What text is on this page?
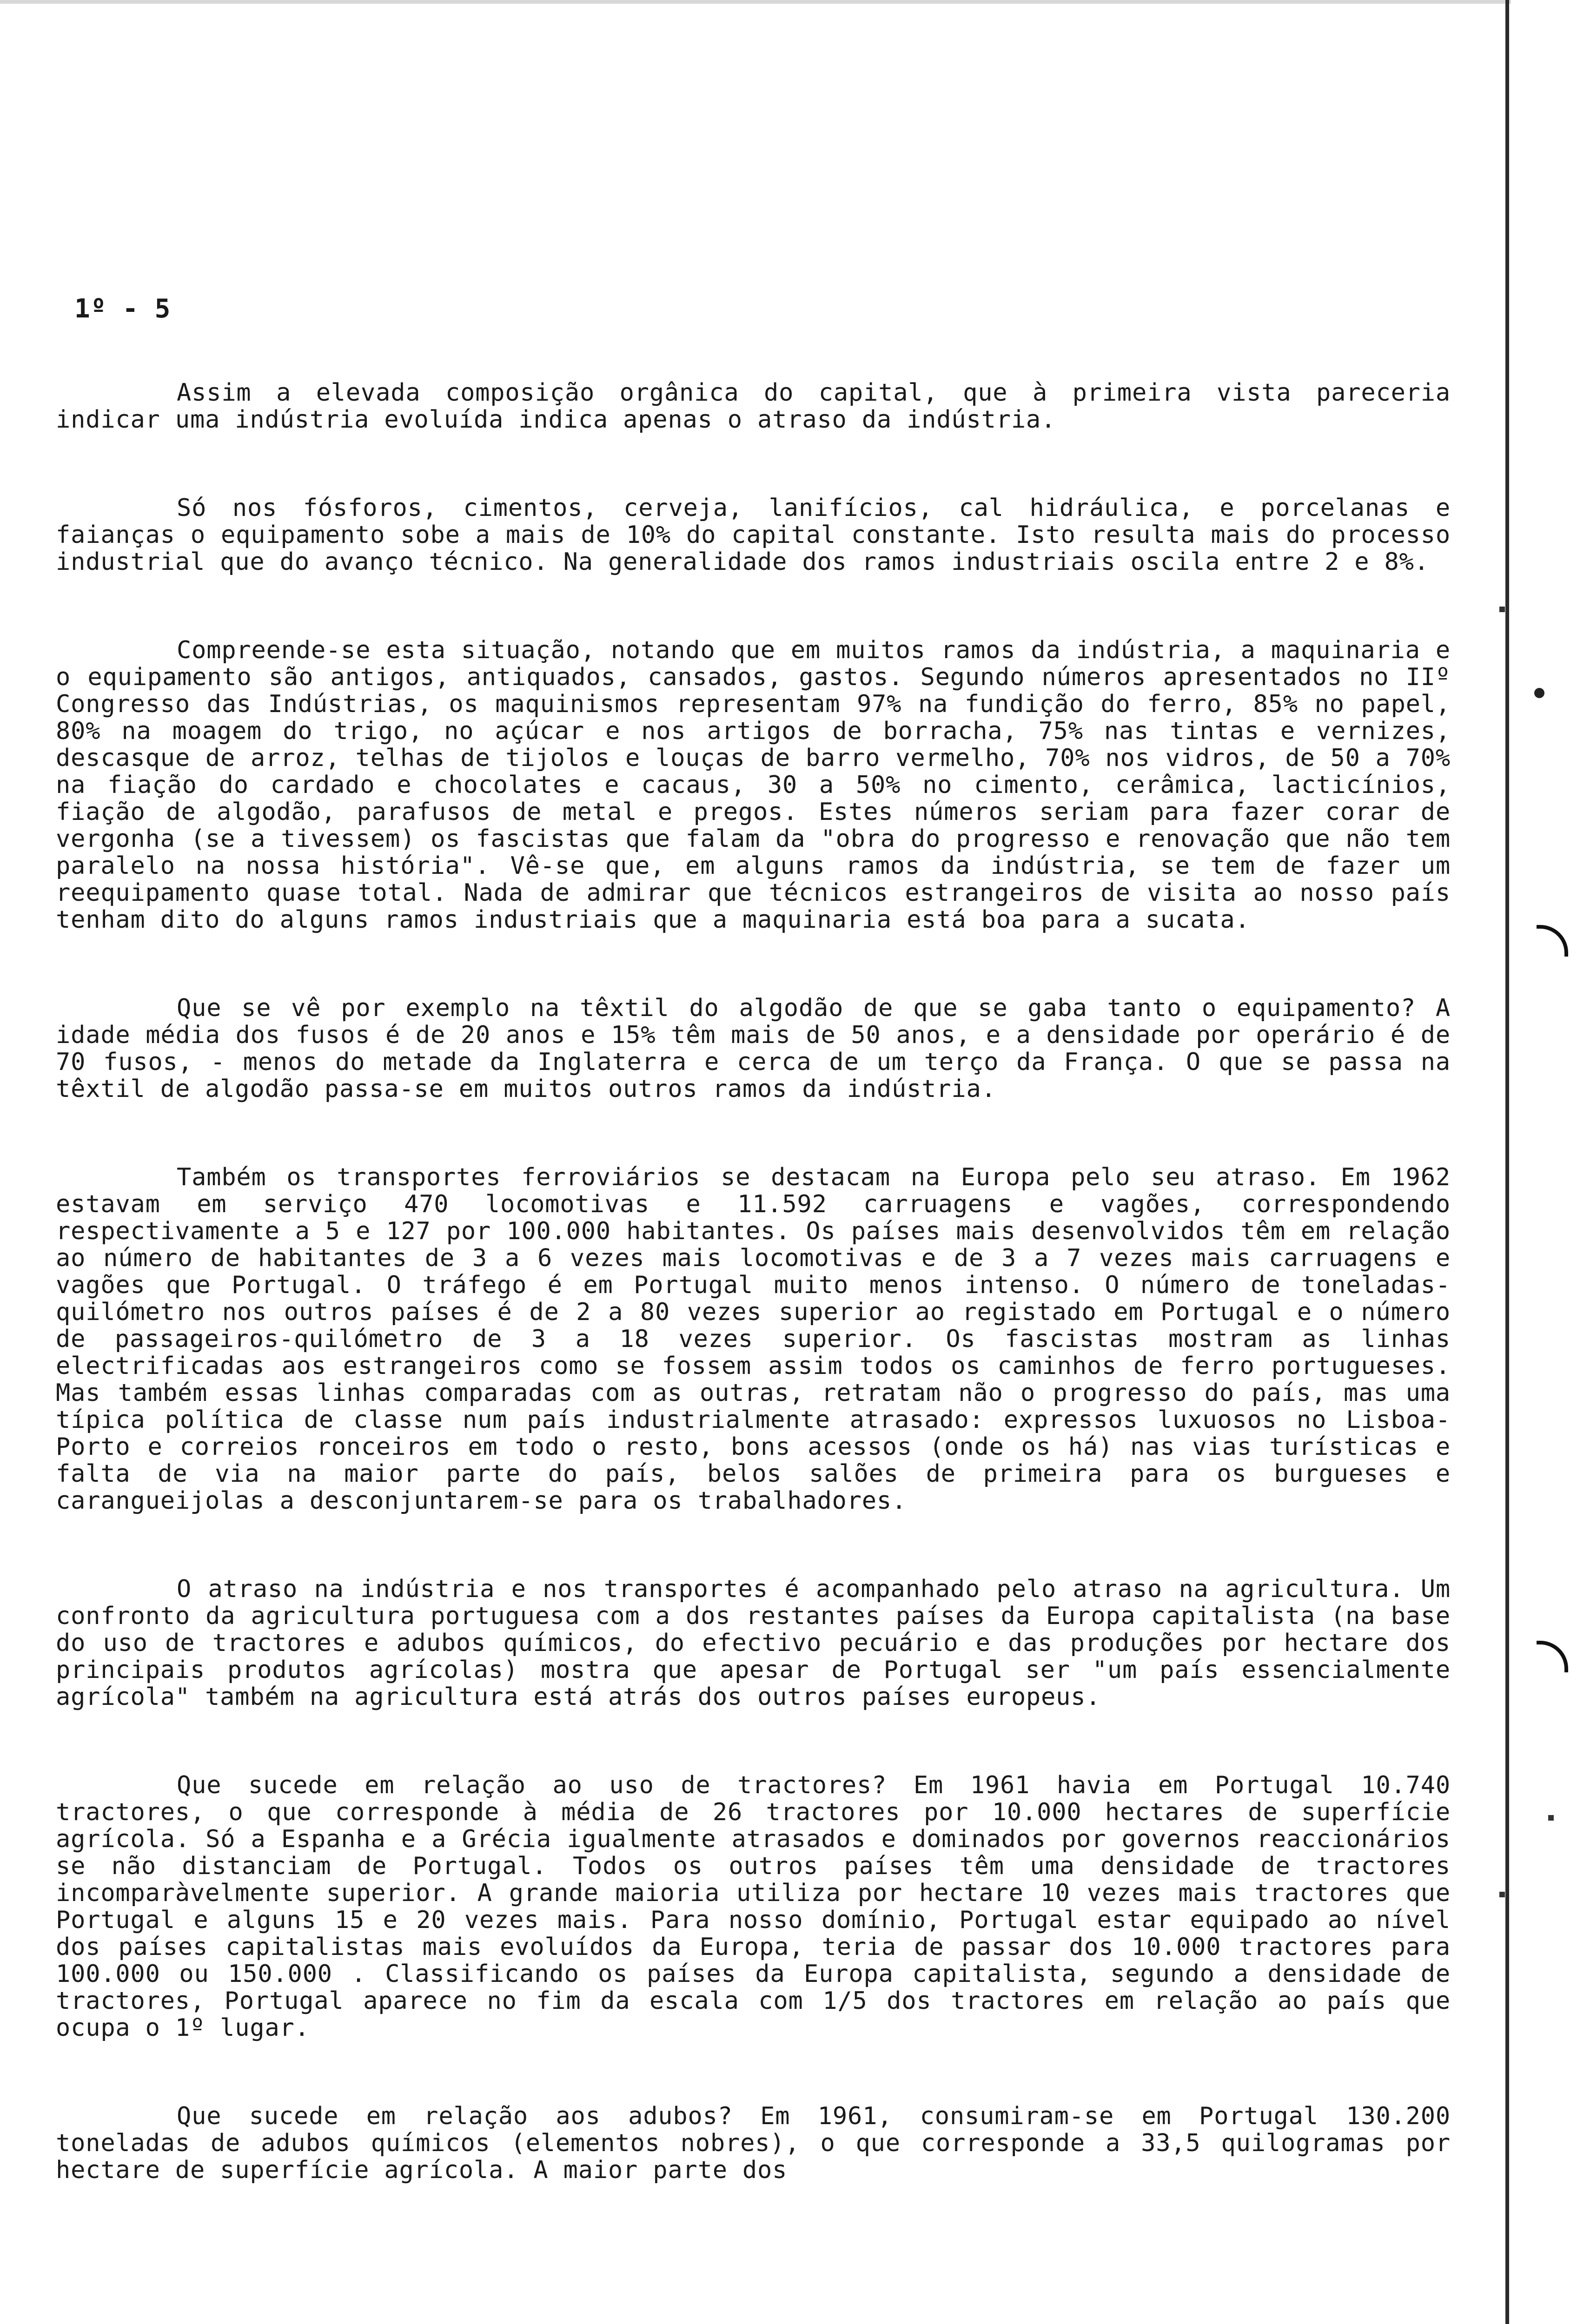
1º - 5

Assim a elevada composição orgânica do capital, que à primeira vista pareceria indicar uma indústria evoluída indica apenas o atraso da indústria.

Só nos fósforos, cimentos, cerveja, lanifícios, cal hidráulica, e porcelanas e faianças o equipamento sobe a mais de 10% do capital constante. Isto resulta mais do processo industrial que do avanço técnico. Na generalidade dos ramos industriais oscila entre 2 e 8%.

Compreende-se esta situação, notando que em muitos ramos da indústria, a maquinaria e o equipamento são antigos, antiquados, cansados, gastos. Segundo números apresentados no IIº Congresso das Indústrias, os maquinismos representam 97% na fundição do ferro, 85% no papel, 80% na moagem do trigo, no açúcar e nos artigos de borracha, 75% nas tintas e vernizes, descasque de arroz, telhas de tijolos e louças de barro vermelho, 70% nos vidros, de 50 a 70% na fiação do cardado e chocolates e cacaus, 30 a 50% no cimento, cerâmica, lacticínios, fiação de algodão, parafusos de metal e pregos. Estes números seriam para fazer corar de vergonha (se a tivessem) os fascistas que falam da "obra do progresso e renovação que não tem paralelo na nossa história". Vê-se que, em alguns ramos da indústria, se tem de fazer um reequipamento quase total. Nada de admirar que técnicos estrangeiros de visita ao nosso país tenham dito do alguns ramos industriais que a maquinaria está boa para a sucata.

Que se vê por exemplo na têxtil do algodão de que se gaba tanto o equipamento? A idade média dos fusos é de 20 anos e 15% têm mais de 50 anos, e a densidade por operário é de 70 fusos, - menos do metade da Inglaterra e cerca de um terço da França. O que se passa na têxtil de algodão passa-se em muitos outros ramos da indústria.

Também os transportes ferroviários se destacam na Europa pelo seu atraso. Em 1962 estavam em serviço 470 locomotivas e 11.592 carruagens e vagões, correspondendo respectivamente a 5 e 127 por 100.000 habitantes. Os países mais desenvolvidos têm em relação ao número de habitantes de 3 a 6 vezes mais locomotivas e de 3 a 7 vezes mais carruagens e vagões que Portugal. O tráfego é em Portugal muito menos intenso. O número de toneladas-quilómetro nos outros países é de 2 a 80 vezes superior ao registado em Portugal e o número de passageiros-quilómetro de 3 a 18 vezes superior. Os fascistas mostram as linhas electrificadas aos estrangeiros como se fossem assim todos os caminhos de ferro portugueses. Mas também essas linhas comparadas com as outras, retratam não o progresso do país, mas uma típica política de classe num país industrialmente atrasado: expressos luxuosos no Lisboa-Porto e correios ronceiros em todo o resto, bons acessos (onde os há) nas vias turísticas e falta de via na maior parte do país, belos salões de primeira para os burgueses e carangueijolas a desconjuntarem-se para os trabalhadores.

O atraso na indústria e nos transportes é acompanhado pelo atraso na agricultura. Um confronto da agricultura portuguesa com a dos restantes países da Europa capitalista (na base do uso de tractores e adubos químicos, do efectivo pecuário e das produções por hectare dos principais produtos agrícolas) mostra que apesar de Portugal ser "um país essencialmente agrícola" também na agricultura está atrás dos outros países europeus.

Que sucede em relação ao uso de tractores? Em 1961 havia em Portugal 10.740 tractores, o que corresponde à média de 26 tractores por 10.000 hectares de superfície agrícola. Só a Espanha e a Grécia igualmente atrasados e dominados por governos reaccionários se não distanciam de Portugal. Todos os outros países têm uma densidade de tractores incomparàvelmente superior. A grande maioria utiliza por hectare 10 vezes mais tractores que Portugal e alguns 15 e 20 vezes mais. Para nosso domínio, Portugal estar equipado ao nível dos países capitalistas mais evoluídos da Europa, teria de passar dos 10.000 tractores para 100.000 ou 150.000 . Classificando os países da Europa capitalista, segundo a densidade de tractores, Portugal aparece no fim da escala com 1/5 dos tractores em relação ao país que ocupa o 1º lugar.

Que sucede em relação aos adubos? Em 1961, consumiram-se em Portugal 130.200 toneladas de adubos químicos (elementos nobres), o que corresponde a 33,5 quilogramas por hectare de superfície agrícola. A maior parte dos
